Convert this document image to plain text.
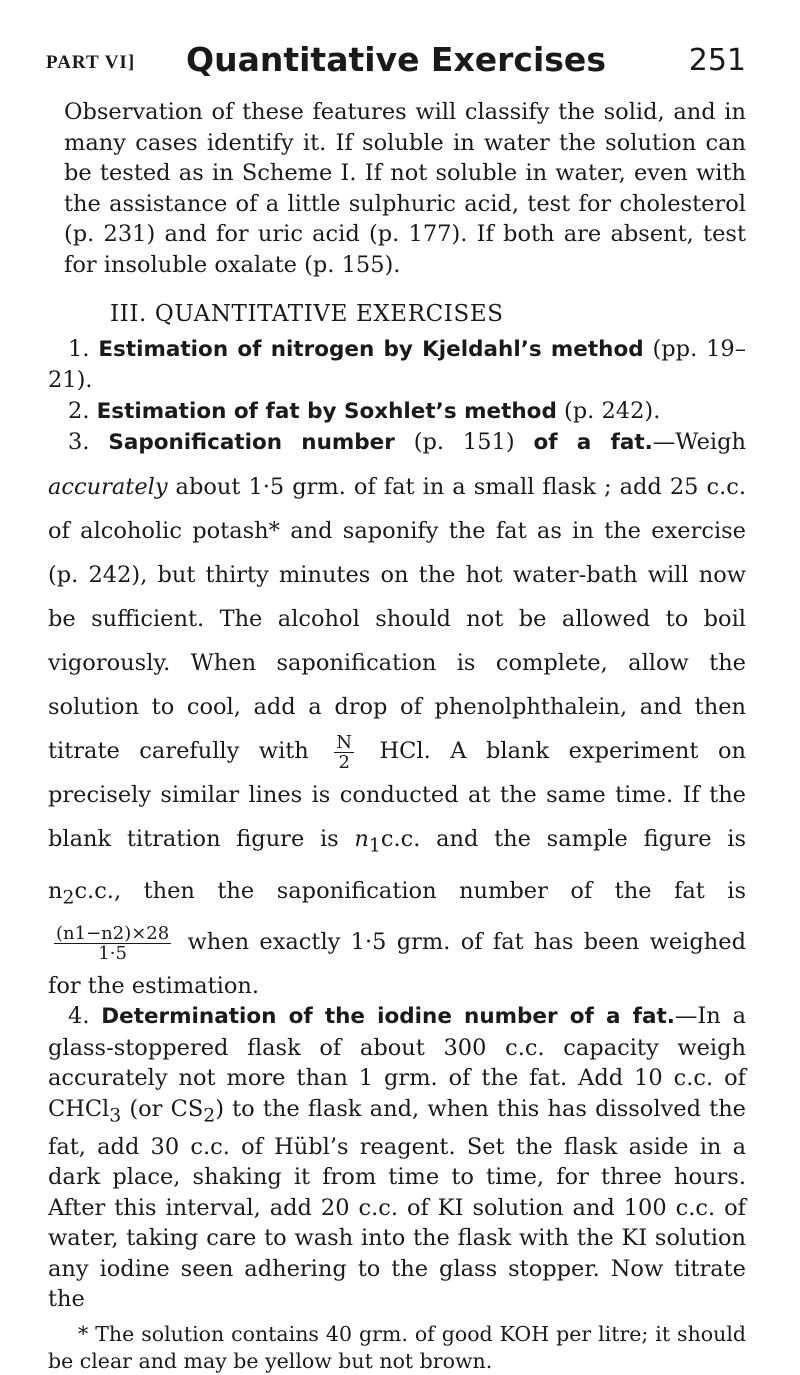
PART VI]	Quantitative Exercises	251

Observation of these features will classify the solid, and in many cases identify it. If soluble in water the solution can be tested as in Scheme I. If not soluble in water, even with the assistance of a little sulphuric acid, test for cholesterol (p. 231) and for uric acid (p. 177). If both are absent, test for insoluble oxalate (p. 155).

III. QUANTITATIVE EXERCISES

1. Estimation of nitrogen by Kjeldahl’s method (pp. 19–21).

2. Estimation of fat by Soxhlet’s method (p. 242).

3. Saponification number (p. 151) of a fat.—Weigh accurately about 1·5 grm. of fat in a small flask ; add 25 c.c. of alcoholic potash* and saponify the fat as in the exercise (p. 242), but thirty minutes on the hot water-bath will now be sufficient. The alcohol should not be allowed to boil vigorously. When saponification is complete, allow the solution to cool, add a drop of phenolphthalein, and then titrate carefully with $\frac{N}{2}$ HCl. A blank experiment on precisely similar lines is conducted at the same time. If the blank titration figure is $n_1c.c$. and the sample figure is $n_2c.c$., then the saponification number of the fat is
$\frac{(n1-n2)\times 28}{1\cdot 5}$ when exactly 1·5 grm. of fat has been weighed for the estimation.

4. Determination of the iodine number of a fat.—In a glass-stoppered flask of about 300 c.c. capacity weigh accurately not more than 1 grm. of the fat. Add 10 c.c. of CHCl$_3$ (or $CS_2$) to the flask and, when this has dissolved the fat, add 30 c.c. of Hübl’s reagent. Set the flask aside in a dark place, shaking it from time to time, for three hours. After this interval, add 20 c.c. of KI solution and 100 c.c. of water, taking care to wash into the flask with the KI solution any iodine seen adhering to the glass stopper. Now titrate the

* The solution contains 40 grm. of good KOH per litre; it should be clear and may be yellow but not brown.
